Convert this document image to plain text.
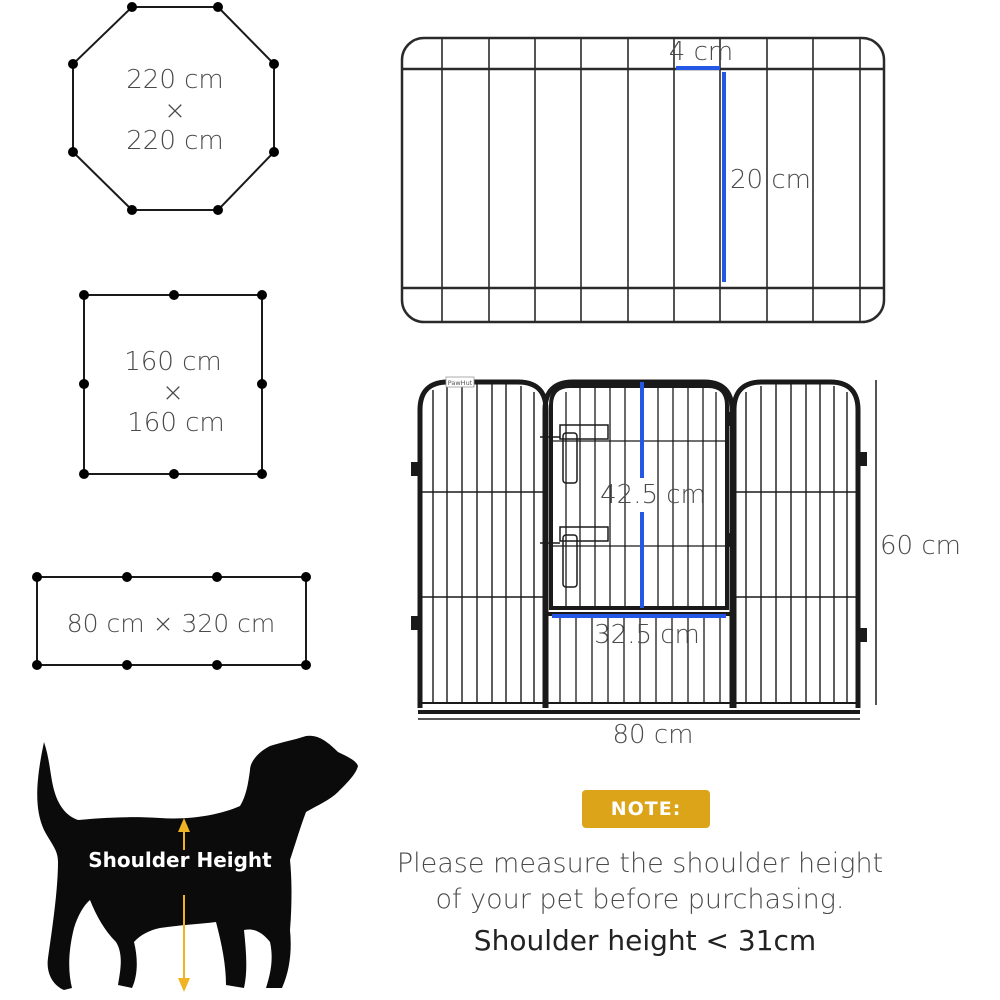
PawHut
220 cm
×
220 cm
160 cm
×
160 cm
80 cm × 320 cm
4 cm
20 cm
42.5 cm
32.5 cm
60 cm
80 cm
NOTE:
Please measure the shoulder height
of your pet before purchasing.
Shoulder height < 31cm
Shoulder Height
